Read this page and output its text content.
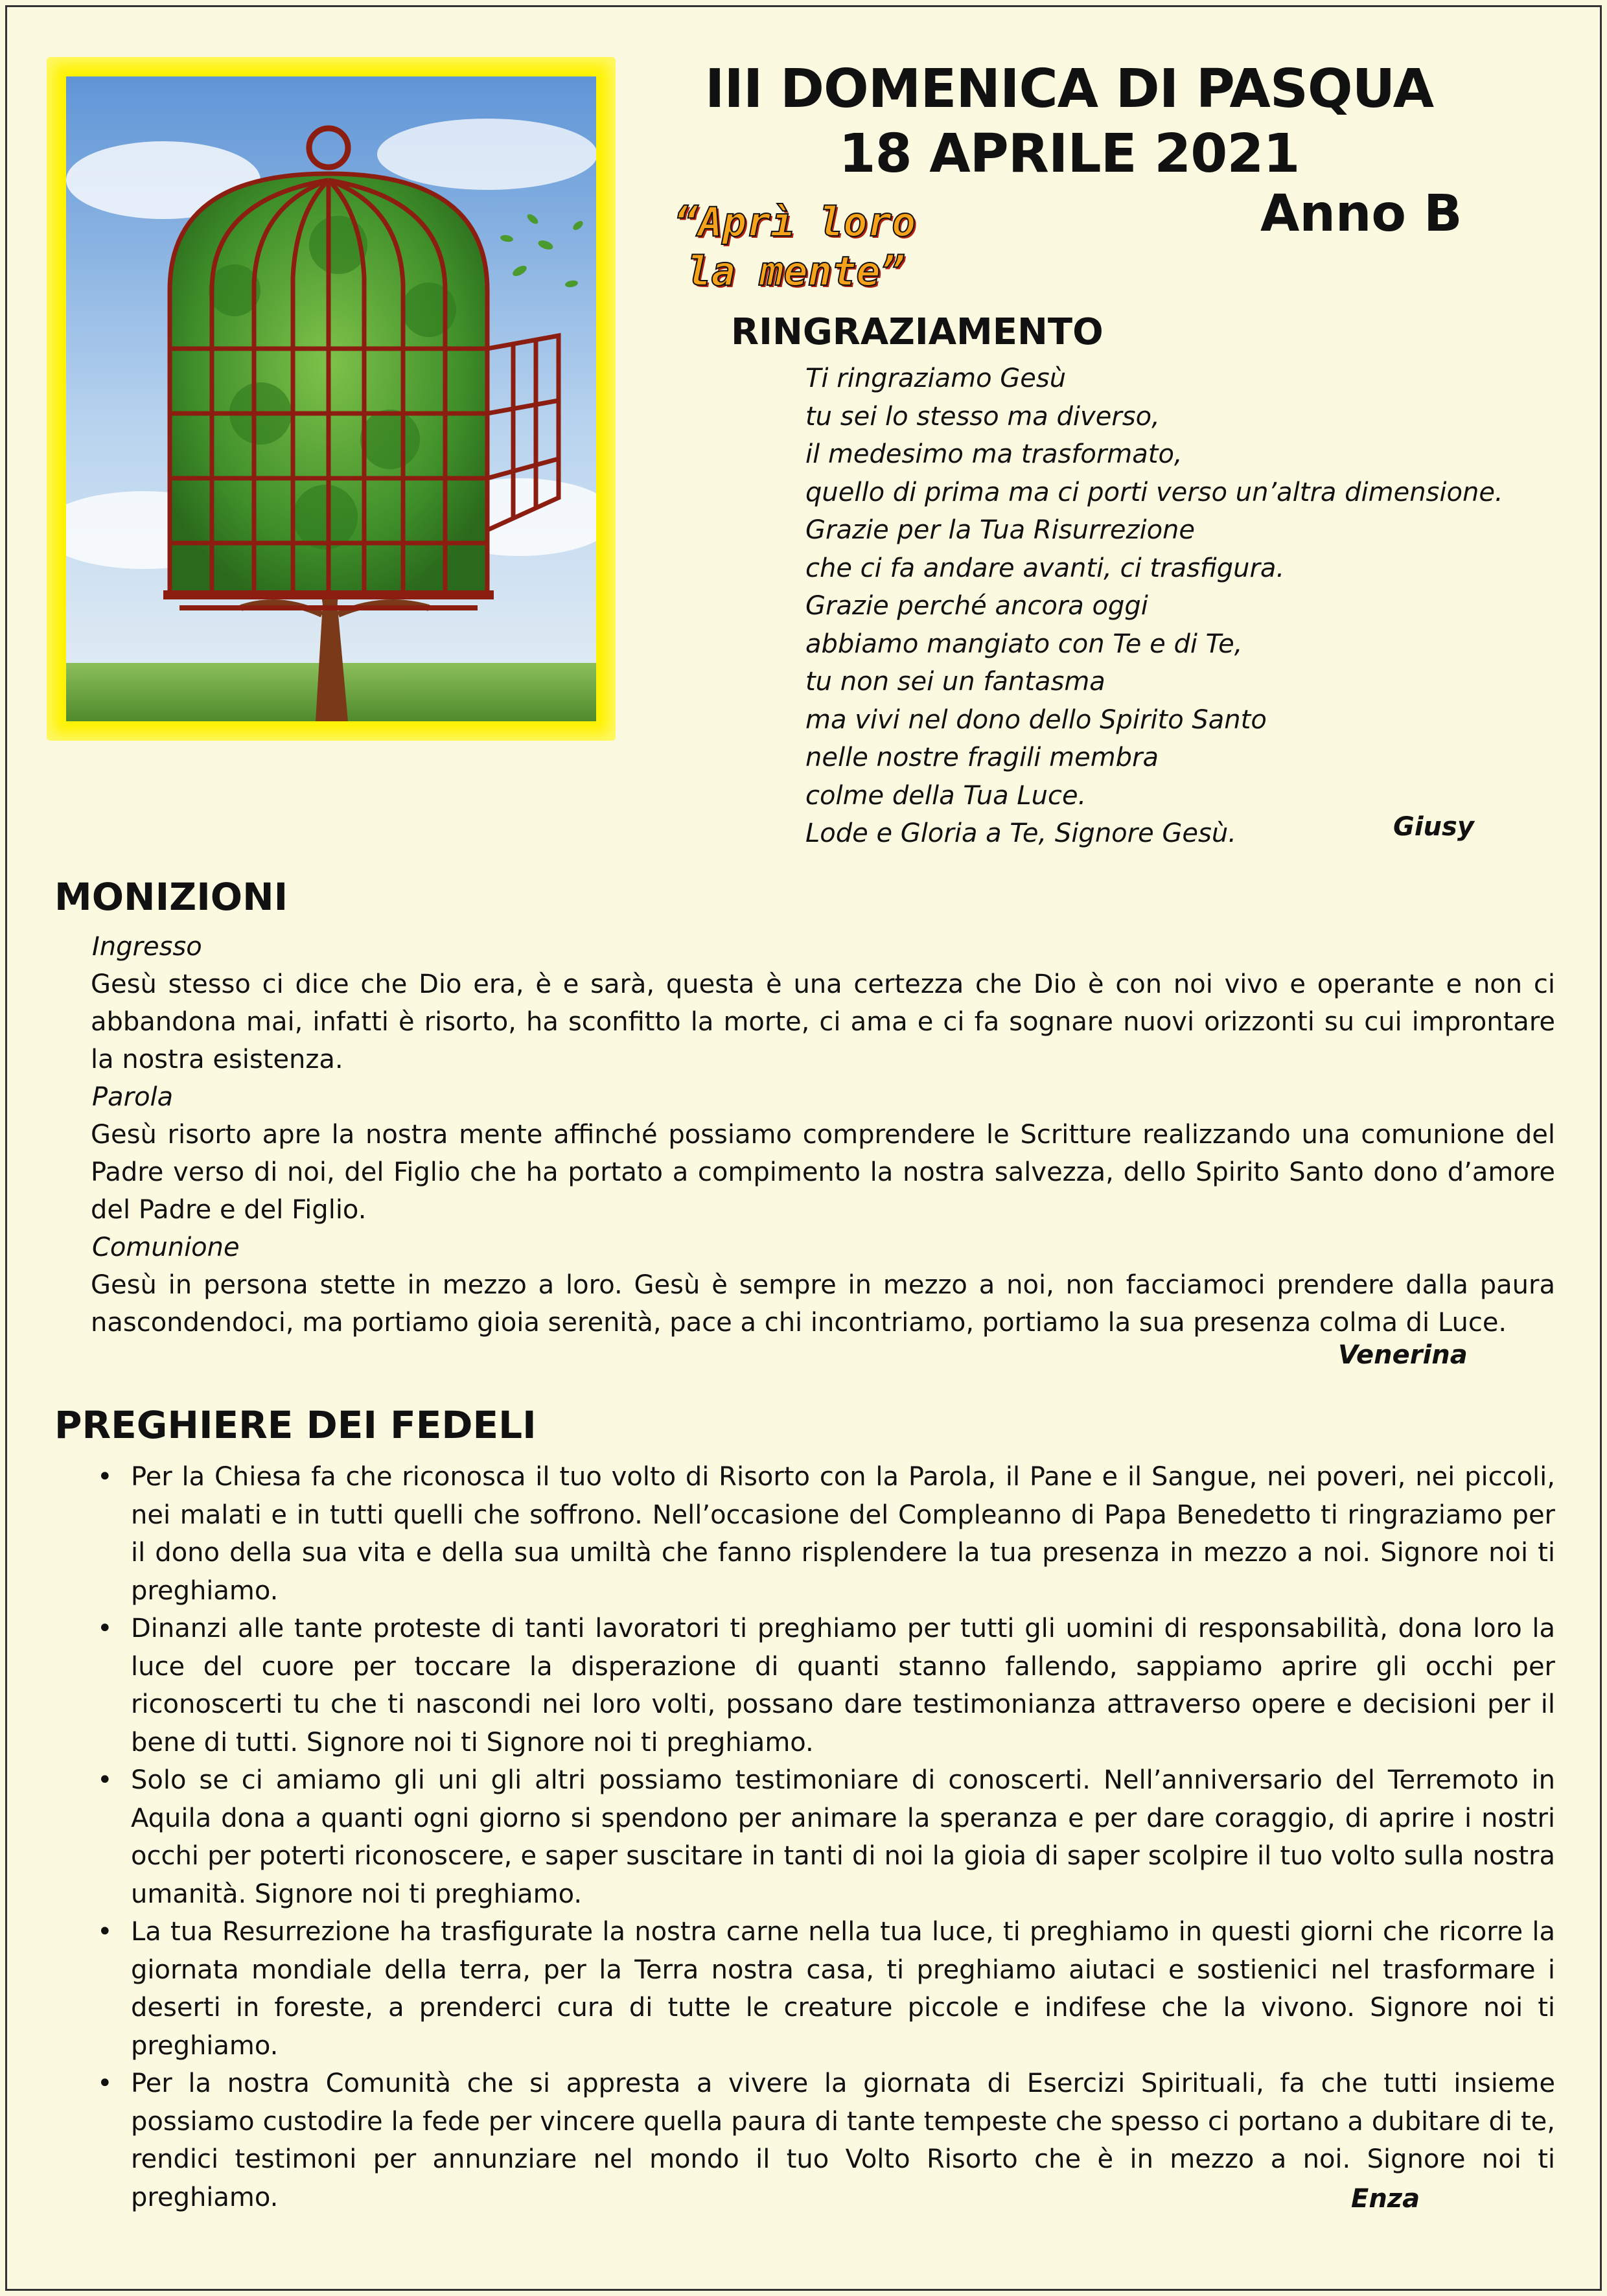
III DOMENICA DI PASQUA
18 APRILE 2021
Anno B
“Aprì loro
la mente”
RINGRAZIAMENTO
Ti ringraziamo Gesù
tu sei lo stesso ma diverso,
il medesimo ma trasformato,
quello di prima ma ci porti verso un’altra dimensione.
Grazie per la Tua Risurrezione
che ci fa andare avanti, ci trasfigura.
Grazie perché ancora oggi
abbiamo mangiato con Te e di Te,
tu non sei un fantasma
ma vivi nel dono dello Spirito Santo
nelle nostre fragili membra
colme della Tua Luce.
Lode e Gloria a Te, Signore Gesù.	Giusy
MONIZIONI
Ingresso
Gesù stesso ci dice che Dio era, è e sarà, questa è una certezza che Dio è con noi vivo e operante e non ci abbandona mai, infatti è risorto, ha sconfitto la morte, ci ama e ci fa sognare nuovi orizzonti su cui improntare la nostra esistenza.
Parola
Gesù risorto apre la nostra mente affinché possiamo comprendere le Scritture realizzando una comunione del Padre verso di noi, del Figlio che ha portato a compimento la nostra salvezza, dello Spirito Santo dono d’amore del Padre e del Figlio.
Comunione
Gesù in persona stette in mezzo a loro. Gesù è sempre in mezzo a noi, non facciamoci prendere dalla paura nascondendoci, ma portiamo gioia serenità, pace a chi incontriamo, portiamo la sua presenza colma di Luce.
Venerina
PREGHIERE DEI FEDELI
• Per la Chiesa fa che riconosca il tuo volto di Risorto con la Parola, il Pane e il Sangue, nei poveri, nei piccoli, nei malati e in tutti quelli che soffrono. Nell’occasione del Compleanno di Papa Benedetto ti ringraziamo per il dono della sua vita e della sua umiltà che fanno risplendere la tua presenza in mezzo a noi. Signore noi ti preghiamo.
• Dinanzi alle tante proteste di tanti lavoratori ti preghiamo per tutti gli uomini di responsabilità, dona loro la luce del cuore per toccare la disperazione di quanti stanno fallendo, sappiamo aprire gli occhi per riconoscerti tu che ti nascondi nei loro volti, possano dare testimonianza attraverso opere e decisioni per il bene di tutti. Signore noi ti Signore noi ti preghiamo.
• Solo se ci amiamo gli uni gli altri possiamo testimoniare di conoscerti. Nell’anniversario del Terremoto in Aquila dona a quanti ogni giorno si spendono per animare la speranza e per dare coraggio, di aprire i nostri occhi per poterti riconoscere, e saper suscitare in tanti di noi la gioia di saper scolpire il tuo volto sulla nostra umanità. Signore noi ti preghiamo.
• La tua Resurrezione ha trasfigurate la nostra carne nella tua luce, ti preghiamo in questi giorni che ricorre la giornata mondiale della terra, per la Terra nostra casa, ti preghiamo aiutaci e sostienici nel trasformare i deserti in foreste, a prenderci cura di tutte le creature piccole e indifese che la vivono. Signore noi ti preghiamo.
• Per la nostra Comunità che si appresta a vivere la giornata di Esercizi Spirituali, fa che tutti insieme possiamo custodire la fede per vincere quella paura di tante tempeste che spesso ci portano a dubitare di te, rendici testimoni per annunziare nel mondo il tuo Volto Risorto che è in mezzo a noi. Signore noi ti preghiamo.	Enza
